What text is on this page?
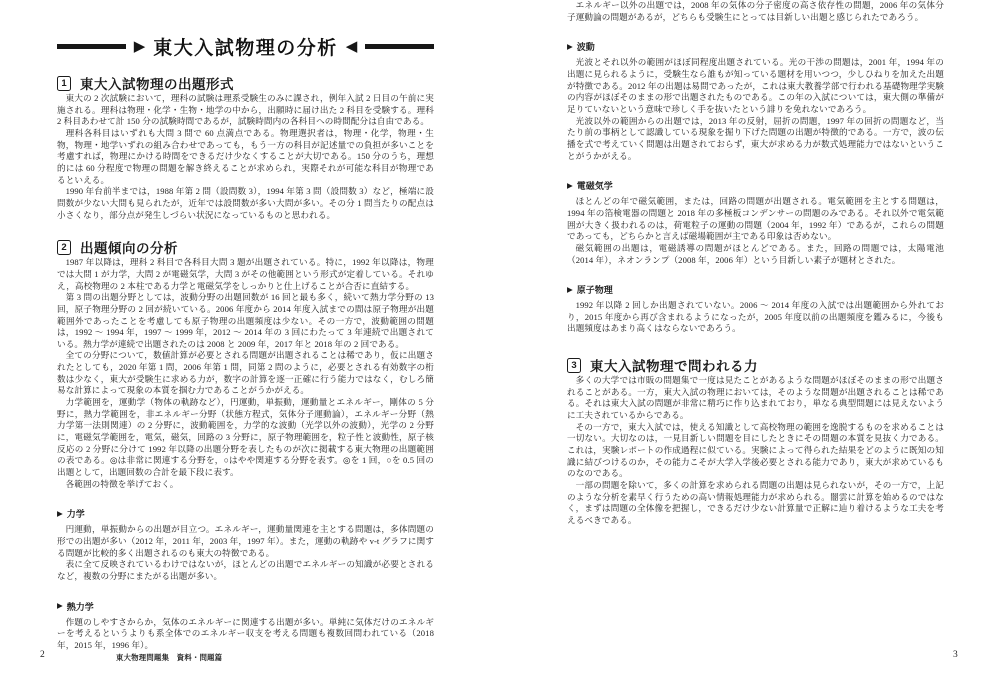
▶ 東大入試物理の分析 ◀
1 東大入試物理の出題形式

東大の 2 次試験において，理科の試験は理系受験生のみに課され，例年入試 2 日目の午前に実施される。理科は物理・化学・生物・地学の中から，出願時に届け出た 2 科目を受験する。理科 2 科目あわせて計 150 分の試験時間であるが，試験時間内の各科目への時間配分は自由である。

理科各科目はいずれも大問 3 問で 60 点満点である。物理選択者は，物理・化学，物理・生物，物理・地学いずれの組み合わせであっても，もう一方の科目が記述量での負担が多いことを考慮すれば，物理にかける時間をできるだけ少なくすることが大切である。150 分のうち，理想的には 60 分程度で物理の問題を解き終えることが求められ，実際それが可能な科目が物理であるといえる。

1990 年台前半までは，1988 年第 2 問（設問数 3），1994 年第 3 問（設問数 3）など，極端に設問数が少ない大問も見られたが，近年では設問数が多い大問が多い。その分 1 問当たりの配点は小さくなり，部分点が発生しづらい状況になっているものと思われる。

2 出題傾向の分析

1987 年以降は，理科 2 科目で各科目大問 3 題が出題されている。特に，1992 年以降は，物理では大問 1 が力学，大問 2 が電磁気学，大問 3 がその他範囲という形式が定着している。それゆえ，高校物理の 2 本柱である力学と電磁気学をしっかりと仕上げることが合否に直結する。

第 3 問の出題分野としては，波動分野の出題回数が 16 回と最も多く，続いて熱力学分野の 13 回，原子物理分野の 2 回が続いている。2006 年度から 2014 年度入試までの間は原子物理が出題範囲外であったことを考慮しても原子物理の出題頻度は少ない。その一方で，波動範囲の問題は，1992 〜 1994 年，1997 〜 1999 年，2012 〜 2014 年の 3 回にわたって 3 年連続で出題されている。熱力学が連続で出題されたのは 2008 と 2009 年，2017 年と 2018 年の 2 回である。

全ての分野について，数値計算が必要とされる問題が出題されることは稀であり，仮に出題されたとしても，2020 年第 1 問，2006 年第 1 問，同第 2 問のように，必要とされる有効数字の桁数は少なく，東大が受験生に求める力が，数字の計算を逐一正確に行う能力ではなく，むしろ簡易な計算によって現象の本質を掴む力であることがうかがえる。

力学範囲を，運動学（物体の軌跡など），円運動，単振動，運動量とエネルギー，剛体の 5 分野に，熱力学範囲を，非エネルギー分野（状態方程式，気体分子運動論），エネルギー分野（熱力学第一法則関連）の 2 分野に，波動範囲を，力学的な波動（光学以外の波動），光学の 2 分野に，電磁気学範囲を，電気，磁気，回路の 3 分野に，原子物理範囲を，粒子性と波動性，原子核反応の 2 分野に分けて 1992 年以降の出題分野を表したものが次に掲載する東大物理の出題範囲の表である。◎は非常に関連する分野を，○はやや関連する分野を表す。◎を 1 回，○を 0.5 回の出題として，出題回数の合計を最下段に表す。

各範囲の特徴を挙げておく。

▶ 力学

円運動，単振動からの出題が目立つ。エネルギー，運動量関連を主とする問題は，多体問題の形での出題が多い（2012 年，2011 年，2003 年，1997 年）。また，運動の軌跡や v-t グラフに関する問題が比較的多く出題されるのも東大の特徴である。

表に全て反映されているわけではないが，ほとんどの出題でエネルギーの知識が必要とされるなど，複数の分野にまたがる出題が多い。

▶ 熱力学

作題のしやすさからか，気体のエネルギーに関連する出題が多い。単純に気体だけのエネルギーを考えるというよりも系全体でのエネルギー収支を考える問題も複数回問われている（2018 年，2015 年，1996 年）。

エネルギー以外の出題では，2008 年の気体の分子密度の高さ依存性の問題，2006 年の気体分子運動論の問題があるが，どちらも受験生にとっては目新しい出題と感じられたであろう。

▶ 波動

光波とそれ以外の範囲がほぼ同程度出題されている。光の干渉の問題は，2001 年，1994 年の出題に見られるように，受験生なら誰もが知っている題材を用いつつ，少しひねりを加えた出題が特徴である。2012 年の出題は易問であったが，これは東大教養学部で行われる基礎物理学実験の内容がほぼそのままの形で出題されたものである。この年の入試については，東大側の準備が足りていないという意味で珍しく手を抜いたという誹りを免れないであろう。

光波以外の範囲からの出題では，2013 年の反射，屈折の問題，1997 年の回折の問題など，当たり前の事柄として認識している現象を掘り下げた問題の出題が特徴的である。一方で，波の伝播を式で考えていく問題は出題されておらず，東大が求める力が数式処理能力ではないということがうかがえる。

▶ 電磁気学

ほとんどの年で磁気範囲，または，回路の問題が出題される。電気範囲を主とする問題は，1994 年の箔検電器の問題と 2018 年の多極板コンデンサーの問題のみである。それ以外で電気範囲が大きく扱われるのは，荷電粒子の運動の問題（2004 年，1992 年）であるが，これらの問題であっても，どちらかと言えば磁場範囲が主である印象は否めない。

磁気範囲の出題は，電磁誘導の問題がほとんどである。また，回路の問題では，太陽電池（2014 年），ネオンランプ（2008 年，2006 年）という目新しい素子が題材とされた。

▶ 原子物理

1992 年以降 2 回しか出題されていない。2006 〜 2014 年度の入試では出題範囲から外れており，2015 年度から再び含まれるようになったが，2005 年度以前の出題頻度を鑑みるに，今後も出題頻度はあまり高くはならないであろう。

3 東大入試物理で問われる力

多くの大学では市販の問題集で一度は見たことがあるような問題がほぼそのままの形で出題されることがある。一方，東大入試の物理においては，そのような問題が出題されることは稀である。それは東大入試の問題が非常に精巧に作り込まれており，単なる典型問題には見えないように工夫されているからである。

その一方で，東大入試では，使える知識として高校物理の範囲を逸脱するものを求めることは一切ない。大切なのは，一見目新しい問題を目にしたときにその問題の本質を見抜く力である。これは，実験レポートの作成過程に似ている。実験によって得られた結果をどのように既知の知識に結びつけるのか，その能力こそが大学入学後必要とされる能力であり，東大が求めているものなのである。

一部の問題を除いて，多くの計算を求められる問題の出題は見られないが，その一方で，上記のような分析を素早く行うための高い情報処理能力が求められる。闇雲に計算を始めるのではなく，まずは問題の全体像を把握し，できるだけ少ない計算量で正解に辿り着けるような工夫を考えるべきである。

2	東大物理問題集　資料・問題篇	3
